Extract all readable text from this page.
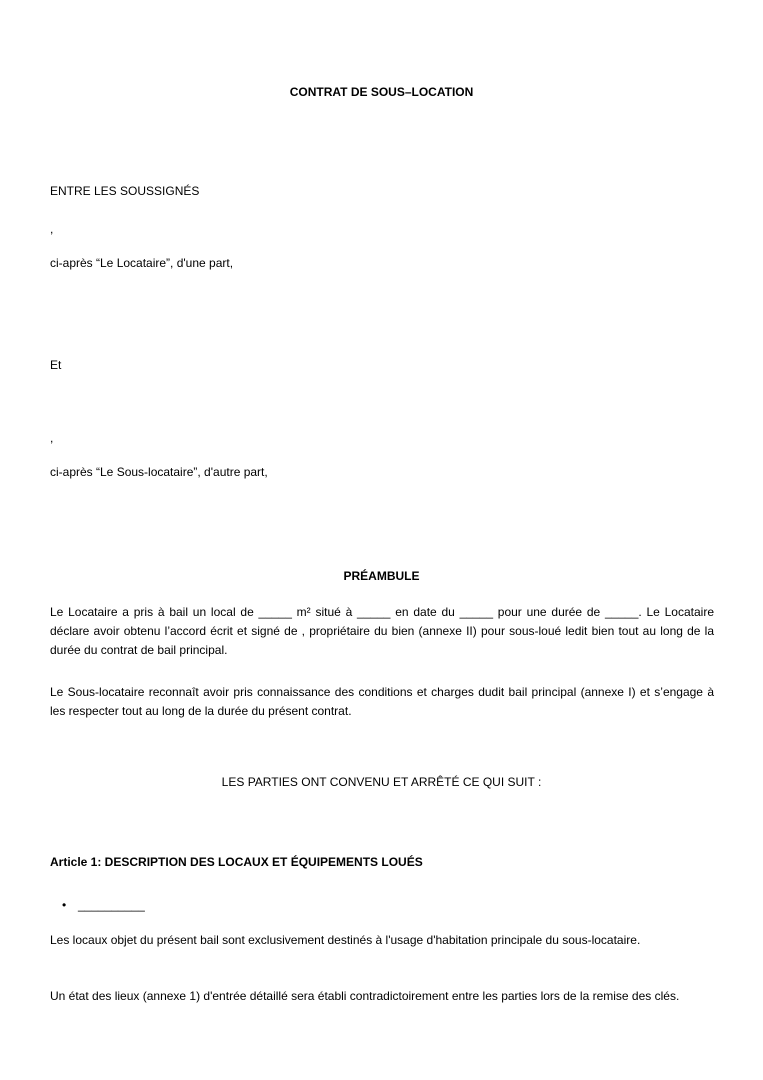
CONTRAT DE SOUS–LOCATION

ENTRE LES SOUSSIGNÉS

,

ci-après “Le Locataire”, d'une part,

Et

,

ci-après “Le Sous-locataire”, d'autre part,

PRÉAMBULE

Le Locataire a pris à bail un local de _____ m² situé à _____ en date du _____ pour une durée de _____. Le Locataire déclare avoir obtenu l’accord écrit et signé de , propriétaire du bien (annexe II) pour sous-loué ledit bien tout au long de la durée du contrat de bail principal.

Le Sous-locataire reconnaît avoir pris connaissance des conditions et charges dudit bail principal (annexe I) et s’engage à les respecter tout au long de la durée du présent contrat.

LES PARTIES ONT CONVENU ET ARRÊTÉ CE QUI SUIT :

Article 1: DESCRIPTION DES LOCAUX ET ÉQUIPEMENTS LOUÉS

• __________

Les locaux objet du présent bail sont exclusivement destinés à l'usage d'habitation principale du sous-locataire.

Un état des lieux (annexe 1) d'entrée détaillé sera établi contradictoirement entre les parties lors de la remise des clés.
